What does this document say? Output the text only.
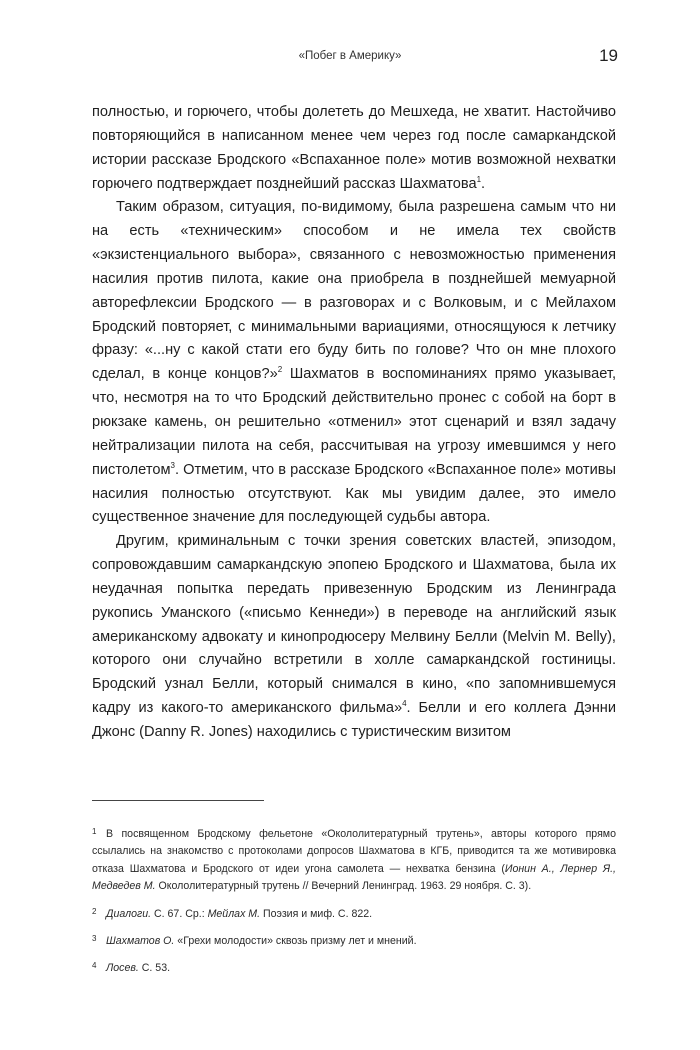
«Побег в Америку»	19

полностью, и горючего, чтобы долететь до Мешхеда, не хватит. Настойчиво повторяющийся в написанном менее чем через год после самаркандской истории рассказе Бродского «Вспаханное поле» мотив возможной нехватки горючего подтверждает позднейший рассказ Шахматова$^1$.

Таким образом, ситуация, по-видимому, была разрешена самым что ни на есть «техническим» способом и не имела тех свойств «экзистенциального выбора», связанного с невозможностью применения насилия против пилота, какие она приобрела в позднейшей мемуарной авторефлексии Бродского — в разговорах и с Волковым, и с Мейлахом Бродский повторяет, с минимальными вариациями, относящуюся к летчику фразу: «...ну с какой стати его буду бить по голове? Что он мне плохого сделал, в конце концов?»$^2$ Шахматов в воспоминаниях прямо указывает, что, несмотря на то что Бродский действительно пронес с собой на борт в рюкзаке камень, он решительно «отменил» этот сценарий и взял задачу нейтрализации пилота на себя, рассчитывая на угрозу имевшимся у него пистолетом$^3$. Отметим, что в рассказе Бродского «Вспаханное поле» мотивы насилия полностью отсутствуют. Как мы увидим далее, это имело существенное значение для последующей судьбы автора.

Другим, криминальным с точки зрения советских властей, эпизодом, сопровождавшим самаркандскую эпопею Бродского и Шахматова, была их неудачная попытка передать привезенную Бродским из Ленинграда рукопись Уманского («письмо Кеннеди») в переводе на английский язык американскому адвокату и кинопродюсеру Мелвину Белли (Melvin M. Belly), которого они случайно встретили в холле самаркандской гостиницы. Бродский узнал Белли, который снимался в кино, «по запомнившемуся кадру из какого-то американского фильма»$^4$. Белли и его коллега Дэнни Джонс (Danny R. Jones) находились с туристическим визитом

1 В посвященном Бродскому фельетоне «Окололитературный трутень», авторы которого прямо ссылались на знакомство с протоколами допросов Шахматова в КГБ, приводится та же мотивировка отказа Шахматова и Бродского от идеи угона самолета — нехватка бензина (Ионин А., Лернер Я., Медведев М. Окололитературный трутень // Вечерний Ленинград. 1963. 29 ноября. С. 3).
2 Диалоги. С. 67. Ср.: Мейлах М. Поэзия и миф. С. 822.
3 Шахматов О. «Грехи молодости» сквозь призму лет и мнений.
4 Лосев. С. 53.
